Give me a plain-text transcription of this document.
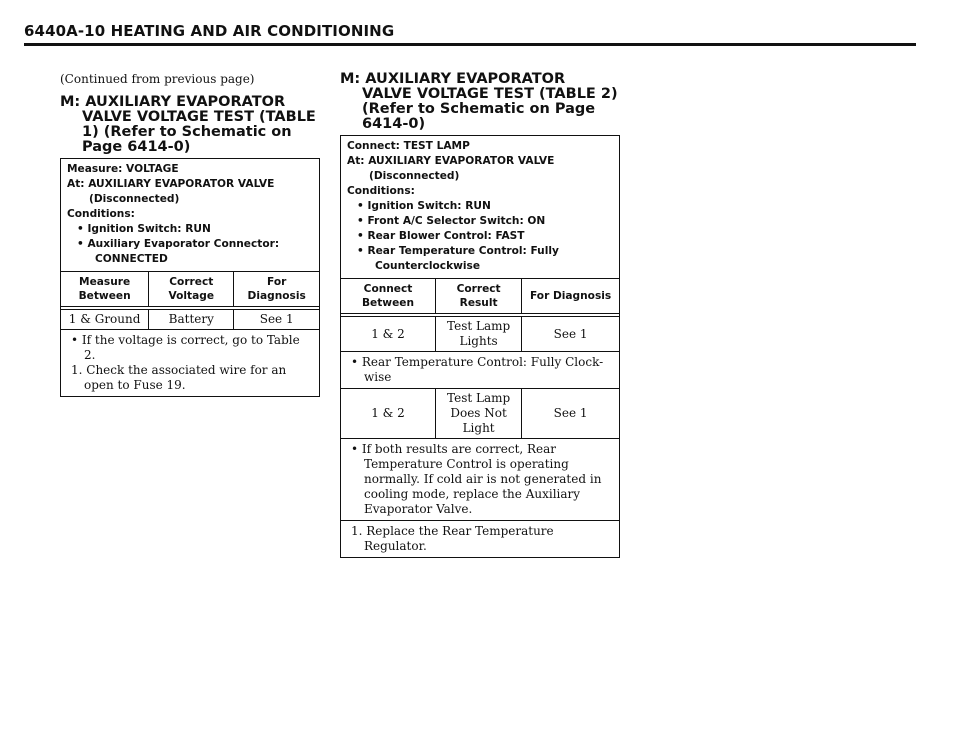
6440A-10 HEATING AND AIR CONDITIONING
(Continued from previous page)
M: AUXILIARY EVAPORATOR VALVE VOLTAGE TEST (TABLE 1) (Refer to Schematic on Page 6414-0)
Measure: VOLTAGE
At: AUXILIARY EVAPORATOR VALVE
(Disconnected)
Conditions:
• Ignition Switch: RUN
• Auxiliary Evaporator Connector:
CONNECTED
Measure Between	Correct Voltage	For Diagnosis
1 & Ground	Battery	See 1
• If the voltage is correct, go to Table 2.
1. Check the associated wire for an open to Fuse 19.
M: AUXILIARY EVAPORATOR VALVE VOLTAGE TEST (TABLE 2) (Refer to Schematic on Page 6414-0)
Connect: TEST LAMP
At: AUXILIARY EVAPORATOR VALVE
(Disconnected)
Conditions:
• Ignition Switch: RUN
• Front A/C Selector Switch: ON
• Rear Blower Control: FAST
• Rear Temperature Control: Fully
Counterclockwise
Connect Between	Correct Result	For Diagnosis
1 & 2	Test Lamp Lights	See 1
• Rear Temperature Control: Fully Clock-wise
1 & 2	Test Lamp Does Not Light	See 1
• If both results are correct, Rear Temperature Control is operating normally. If cold air is not generated in cooling mode, replace the Auxiliary Evaporator Valve.
1. Replace the Rear Temperature Regulator.
